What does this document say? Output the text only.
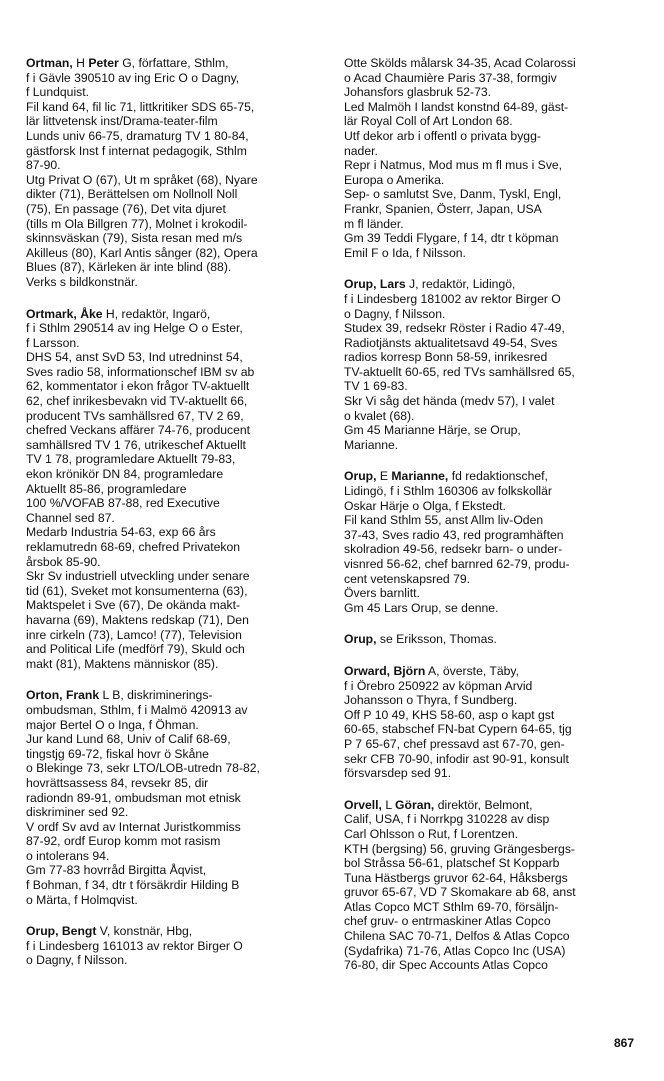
Ortman, H Peter G, författare, Sthlm,
f i Gävle 390510 av ing Eric O o Dagny,
f Lundquist.
Fil kand 64, fil lic 71, littkritiker SDS 65-75,
lär littvetensk inst/Drama-teater-film
Lunds univ 66-75, dramaturg TV 1 80-84,
gästforsk Inst f internat pedagogik, Sthlm
87-90.
Utg Privat O (67), Ut m språket (68), Nyare
dikter (71), Berättelsen om Nollnoll Noll
(75), En passage (76), Det vita djuret
(tills m Ola Billgren 77), Molnet i krokodil-
skinnsväskan (79), Sista resan med m/s
Akilleus (80), Karl Antis sånger (82), Opera
Blues (87), Kärleken är inte blind (88).
Verks s bildkonstnär.
Ortmark, Åke H, redaktör, Ingarö,
f i Sthlm 290514 av ing Helge O o Ester,
f Larsson.
DHS 54, anst SvD 53, Ind utredninst 54,
Sves radio 58, informationschef IBM sv ab
62, kommentator i ekon frågor TV-aktuellt
62, chef inrikesbevakn vid TV-aktuellt 66,
producent TVs samhällsred 67, TV 2 69,
chefred Veckans affärer 74-76, producent
samhällsred TV 1 76, utrikeschef Aktuellt
TV 1 78, programledare Aktuellt 79-83,
ekon krönikör DN 84, programledare
Aktuellt 85-86, programledare
100 %/VOFAB 87-88, red Executive
Channel sed 87.
Medarb Industria 54-63, exp 66 års
reklamutredn 68-69, chefred Privatekon
årsbok 85-90.
Skr Sv industriell utveckling under senare
tid (61), Sveket mot konsumenterna (63),
Maktspelet i Sve (67), De okända makt-
havarna (69), Maktens redskap (71), Den
inre cirkeln (73), Lamco! (77), Television
and Political Life (medförf 79), Skuld och
makt (81), Maktens människor (85).
Orton, Frank L B, diskriminerings-
ombudsman, Sthlm, f i Malmö 420913 av
major Bertel O o Inga, f Öhman.
Jur kand Lund 68, Univ of Calif 68-69,
tingstjg 69-72, fiskal hovr ö Skåne
o Blekinge 73, sekr LTO/LOB-utredn 78-82,
hovrättsassess 84, revsekr 85, dir
radiondn 89-91, ombudsman mot etnisk
diskriminer sed 92.
V ordf Sv avd av Internat Juristkommiss
87-92, ordf Europ komm mot rasism
o intolerans 94.
Gm 77-83 hovrråd Birgitta Åqvist,
f Bohman, f 34, dtr t försäkrdir Hilding B
o Märta, f Holmqvist.
Orup, Bengt V, konstnär, Hbg,
f i Lindesberg 161013 av rektor Birger O
o Dagny, f Nilsson.
Otte Skölds målarsk 34-35, Acad Colarossi
o Acad Chaumière Paris 37-38, formgiv
Johansfors glasbruk 52-73.
Led Malmöh I landst konstnd 64-89, gäst-
lär Royal Coll of Art London 68.
Utf dekor arb i offentl o privata bygg-
nader.
Repr i Natmus, Mod mus m fl mus i Sve,
Europa o Amerika.
Sep- o samlutst Sve, Danm, Tyskl, Engl,
Frankr, Spanien, Österr, Japan, USA
m fl länder.
Gm 39 Teddi Flygare, f 14, dtr t köpman
Emil F o Ida, f Nilsson.
Orup, Lars J, redaktör, Lidingö,
f i Lindesberg 181002 av rektor Birger O
o Dagny, f Nilsson.
Studex 39, redsekr Röster i Radio 47-49,
Radiotjänsts aktualitetsavd 49-54, Sves
radios korresp Bonn 58-59, inrikesred
TV-aktuellt 60-65, red TVs samhällsred 65,
TV 1 69-83.
Skr Vi såg det hända (medv 57), I valet
o kvalet (68).
Gm 45 Marianne Härje, se Orup,
Marianne.
Orup, E Marianne, fd redaktionschef,
Lidingö, f i Sthlm 160306 av folkskollär
Oskar Härje o Olga, f Ekstedt.
Fil kand Sthlm 55, anst Allm liv-Oden
37-43, Sves radio 43, red programhäften
skolradion 49-56, redsekr barn- o under-
visnred 56-62, chef barnred 62-79, produ-
cent vetenskapsred 79.
Övers barnlitt.
Gm 45 Lars Orup, se denne.
Orup, se Eriksson, Thomas.
Orward, Björn A, överste, Täby,
f i Örebro 250922 av köpman Arvid
Johansson o Thyra, f Sundberg.
Off P 10 49, KHS 58-60, asp o kapt gst
60-65, stabschef FN-bat Cypern 64-65, tjg
P 7 65-67, chef pressavd ast 67-70, gen-
sekr CFB 70-90, infodir ast 90-91, konsult
försvarsdep sed 91.
Orvell, L Göran, direktör, Belmont,
Calif, USA, f i Norrkpg 310228 av disp
Carl Ohlsson o Rut, f Lorentzen.
KTH (bergsing) 56, gruving Grängesbergs-
bol Stråssa 56-61, platschef St Kopparb
Tuna Hästbergs gruvor 62-64, Håksbergs
gruvor 65-67, VD 7 Skomakare ab 68, anst
Atlas Copco MCT Sthlm 69-70, försäljn-
chef gruv- o entrmaskiner Atlas Copco
Chilena SAC 70-71, Delfos & Atlas Copco
(Sydafrika) 71-76, Atlas Copco Inc (USA)
76-80, dir Spec Accounts Atlas Copco
867
